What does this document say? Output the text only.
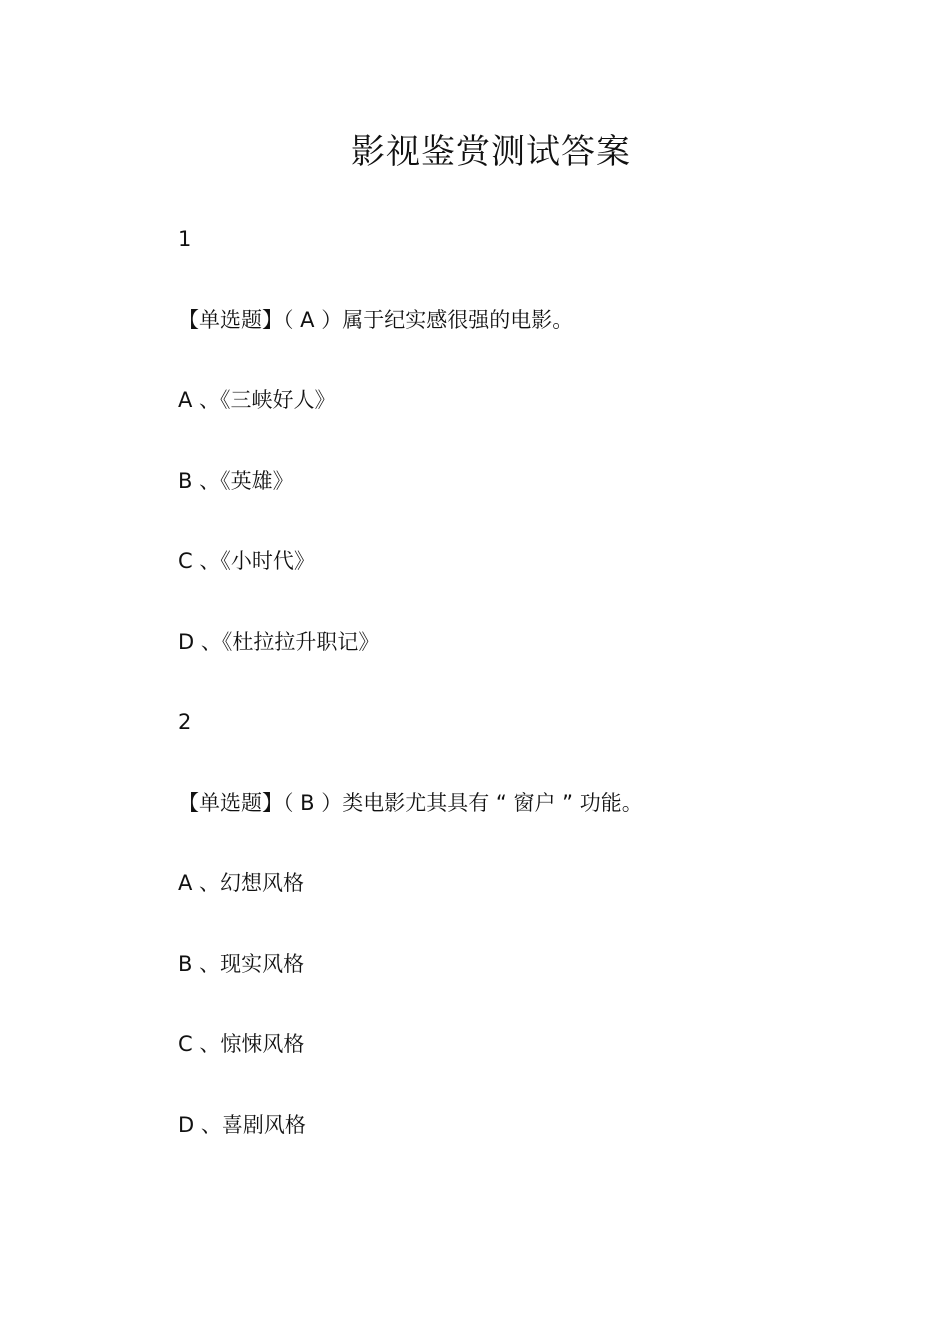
影视鉴赏测试答案
1
【单选题】（ A ）属于纪实感很强的电影。
A 、《三峡好人》
B 、《英雄》
C 、《小时代》
D 、《杜拉拉升职记》
2
【单选题】（ B ）类电影尤其具有 “ 窗户 ” 功能。
A 、幻想风格
B 、现实风格
C 、惊悚风格
D 、喜剧风格
